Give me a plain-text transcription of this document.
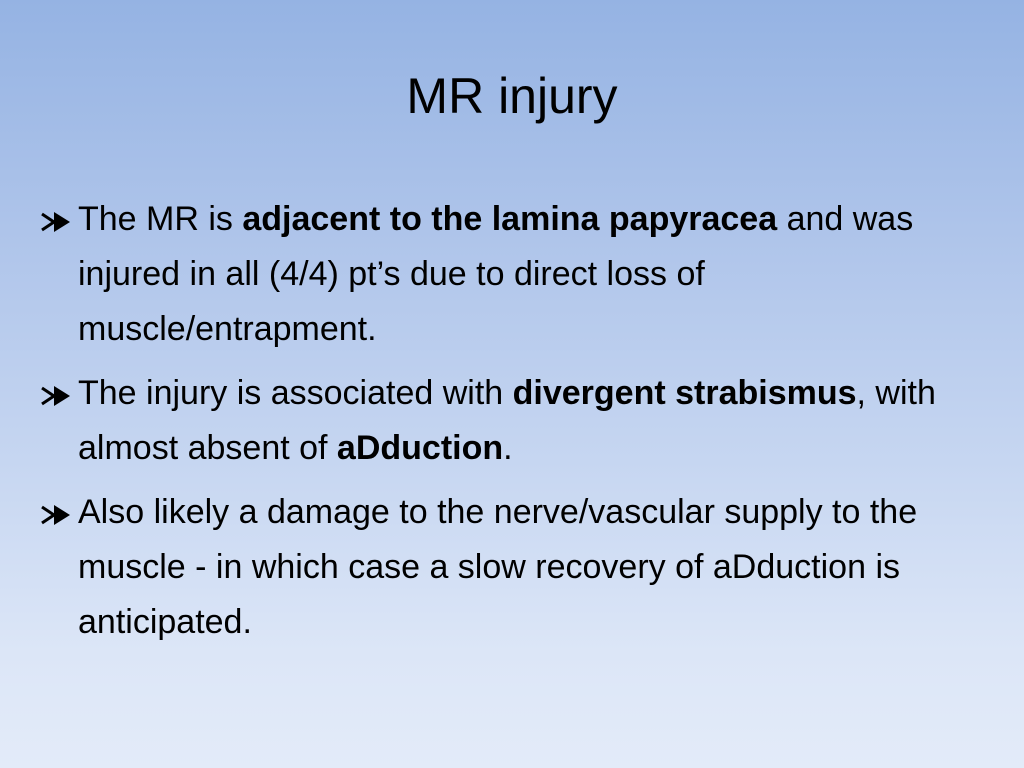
MR injury
The MR is adjacent to the lamina papyracea and was injured in all (4/4) pt’s due to direct loss of muscle/entrapment.
The injury is associated with divergent strabismus, with almost absent of aDduction.
Also likely a damage to the nerve/vascular supply to the muscle - in which case a slow recovery of aDduction is anticipated.
